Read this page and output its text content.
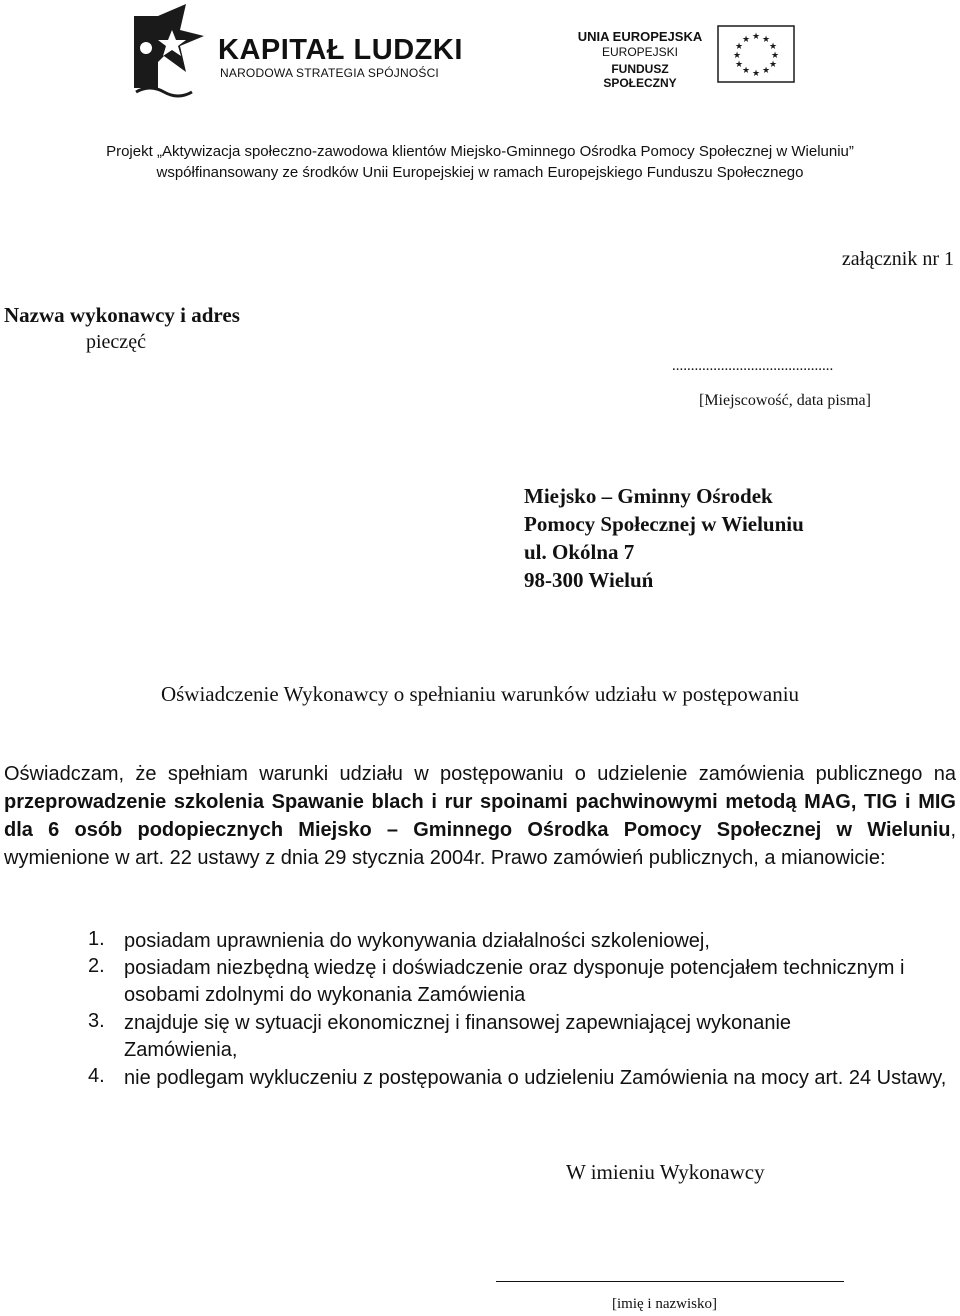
KAPITAŁ LUDZKI
NARODOWA STRATEGIA SPÓJNOŚCI
UNIA EUROPEJSKA
EUROPEJSKI
FUNDUSZ SPOŁECZNY
★ ★
★
★
★
★
★
★
★
★
★
★
Projekt „Aktywizacja społeczno-zawodowa klientów Miejsko-Gminnego Ośrodka Pomocy Społecznej w Wieluniu”
współfinansowany ze środków Unii Europejskiej w ramach Europejskiego Funduszu Społecznego
załącznik nr 1
Nazwa wykonawcy i adres
pieczęć
...........................................
[Miejscowość, data pisma]
Miejsko – Gminny Ośrodek
Pomocy Społecznej w Wieluniu
ul. Okólna 7
98-300 Wieluń
Oświadczenie Wykonawcy o spełnianiu warunków udziału w postępowaniu
Oświadczam, że spełniam warunki udziału w postępowaniu o udzielenie zamówienia publicznego na przeprowadzenie szkolenia Spawanie blach i rur spoinami pachwinowymi metodą MAG, TIG i MIG dla 6 osób podopiecznych Miejsko – Gminnego Ośrodka Pomocy Społecznej w Wieluniu, wymienione w art. 22 ustawy z dnia 29 stycznia 2004r. Prawo zamówień publicznych, a mianowicie:
1. posiadam uprawnienia do wykonywania działalności szkoleniowej,
2. posiadam niezbędną wiedzę i doświadczenie oraz dysponuje potencjałem technicznym i osobami zdolnymi do wykonania Zamówienia
3. znajduje się w sytuacji ekonomicznej i finansowej zapewniającej wykonanie Zamówienia,
4. nie podlegam wykluczeniu z postępowania o udzieleniu Zamówienia na mocy art. 24 Ustawy,
W imieniu Wykonawcy
[imię i nazwisko]
